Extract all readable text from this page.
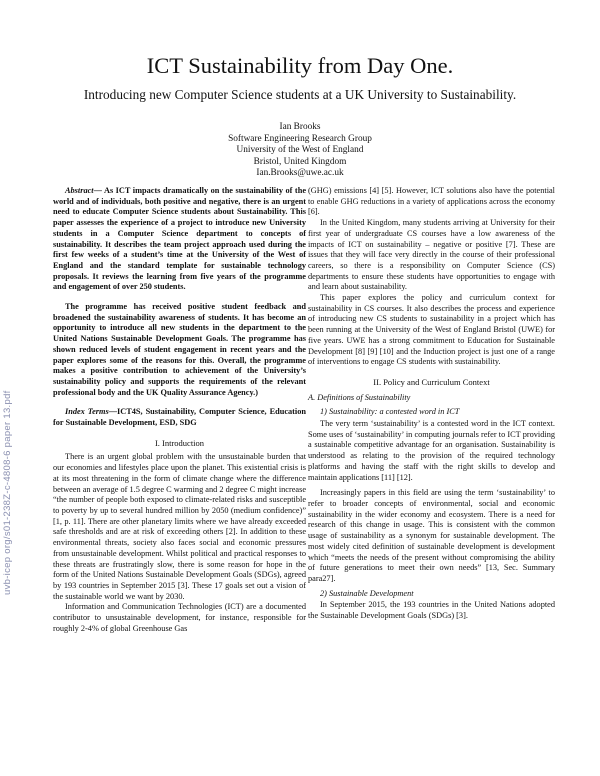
ICT Sustainability from Day One.
Introducing new Computer Science students at a UK University to Sustainability.
Ian Brooks
Software Engineering Research Group
University of the West of England
Bristol, United Kingdom
Ian.Brooks@uwe.ac.uk
uvb-icep org/s01-238Z-c-4808-6 paper 13.pdf

Abstract— As ICT impacts dramatically on the sustainability of the world and of individuals, both positive and negative, there is an urgent need to educate Computer Science students about Sustainability. This paper assesses the experience of a project to introduce new University students in a Computer Science department to concepts of sustainability. It describes the team project approach used during the first few weeks of a student’s time at the University of the West of England and the standard template for sustainable technology proposals. It reviews the learning from five years of the programme and engagement of over 250 students.

The programme has received positive student feedback and broadened the sustainability awareness of students. It has become an opportunity to introduce all new students in the department to the United Nations Sustainable Development Goals. The programme has shown reduced levels of student engagement in recent years and the paper explores some of the reasons for this. Overall, the programme makes a positive contribution to achievement of the University’s sustainability policy and supports the requirements of the relevant professional body and the UK Quality Assurance Agency.)

Index Terms—ICT4S, Sustainability, Computer Science, Education for Sustainable Development, ESD, SDG

I. Introduction

There is an urgent global problem with the unsustainable burden that our economies and lifestyles place upon the planet. This existential crisis is at its most threatening in the form of climate change where the difference between an average of 1.5 degree C warming and 2 degree C might increase “the number of people both exposed to climate-related risks and susceptible to poverty by up to several hundred million by 2050 (medium confidence)” [1, p. 11]. There are other planetary limits where we have already exceeded safe thresholds and are at risk of exceeding others [2]. In addition to these environmental threats, society also faces social and economic pressures from unsustainable development. Whilst political and practical responses to these threats are frustratingly slow, there is some reason for hope in the form of the United Nations Sustainable Development Goals (SDGs), agreed by 193 countries in September 2015 [3]. These 17 goals set out a vision of the sustainable world we want by 2030.

Information and Communication Technologies (ICT) are a documented contributor to unsustainable development, for instance, responsible for roughly 2-4% of global Greenhouse Gas

(GHG) emissions [4] [5]. However, ICT solutions also have the potential to enable GHG reductions in a variety of applications across the economy [6].

In the United Kingdom, many students arriving at University for their first year of undergraduate CS courses have a low awareness of the impacts of ICT on sustainability – negative or positive [7]. These are issues that they will face very directly in the course of their professional careers, so there is a responsibility on Computer Science (CS) departments to ensure these students have opportunities to engage with and learn about sustainability.

This paper explores the policy and curriculum context for sustainability in CS courses. It also describes the process and experience of introducing new CS students to sustainability in a project which has been running at the University of the West of England Bristol (UWE) for five years. UWE has a strong commitment to Education for Sustainable Development [8] [9] [10] and the Induction project is just one of a range of interventions to engage CS students with sustainability.

II. Policy and Curriculum Context
A. Definitions of Sustainability
1) Sustainability: a contested word in ICT

The very term ‘sustainability’ is a contested word in the ICT context. Some uses of ‘sustainability’ in computing journals refer to ICT providing a sustainable competitive advantage for an organisation. Sustainability is understood as relating to the provision of the required technology platforms and having the staff with the right skills to develop and maintain applications [11] [12].

Increasingly papers in this field are using the term ‘sustainability’ to refer to broader concepts of environmental, social and economic sustainability in the wider economy and ecosystem. There is a need for research of this change in usage. This is consistent with the common usage of sustainability as a synonym for sustainable development. The most widely cited definition of sustainable development is development which “meets the needs of the present without compromising the ability of future generations to meet their own needs” [13, Sec. Summary para27].

2) Sustainable Development

In September 2015, the 193 countries in the United Nations adopted the Sustainable Development Goals (SDGs) [3].
